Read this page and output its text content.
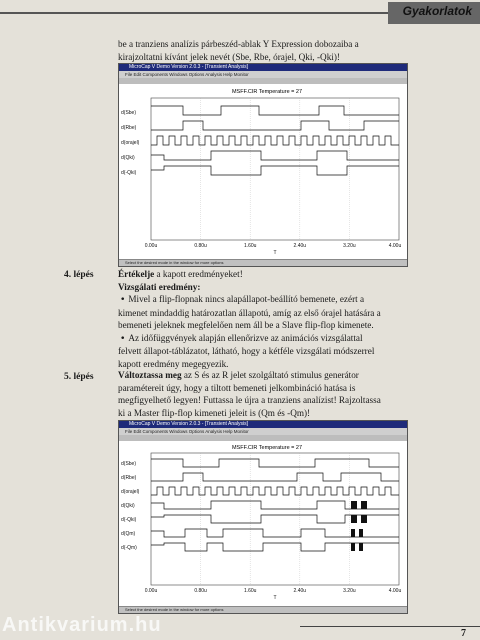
Gyakorlatok
be a tranziens analízis párbeszéd-ablak Y Expression dobozaiba a
kirajzoltatni kívánt jelek nevét (Sbe, Rbe, órajel, Qki, -Qki)!
MicroCap V Demo Version 2.0.3 - [Transient Analysis]
File Edit Components Windows Options Analysis Help Monitor
MSFF.CIR Temperature = 27
d(Sbe)
d(Rbe)
d(orajel)
d(Qki)
d(-Qki)
0.00u	0.80u	1.60u	2.40u	3.20u	4.00u
T
Select the desired mode in the window for more options
4. lépés	Értékelje a kapott eredményeket!
Vizsgálati eredmény:
• Mivel a flip-flopnak nincs alapállapot-beállító bemenete, ezért a
kimenet mindaddig határozatlan állapotú, amíg az első órajel hatására a
bemeneti jeleknek megfelelően nem áll be a Slave flip-flop kimenete.
• Az időfüggvények alapján ellenőrizve az animációs vizsgálattal
felvett állapot-táblázatot, látható, hogy a kétféle vizsgálati módszerrel
kapott eredmény megegyezik.
5. lépés	Változtassa meg az S és az R jelet szolgáltató stimulus generátor
paramétereit úgy, hogy a tiltott bemeneti jelkombináció hatása is
megfigyelhető legyen! Futtassa le újra a tranziens analízist! Rajzoltassa
ki a Master flip-flop kimeneti jeleit is (Qm és -Qm)!
MicroCap V Demo Version 2.0.3 - [Transient Analysis]
File Edit Components Windows Options Analysis Help Monitor
MSFF.CIR Temperature = 27
d(Sbe)
d(Rbe)
d(orajel)
d(Qki)
d(-Qki)
d(Qm)
d(-Qm)
0.00u	0.80u	1.60u	2.40u	3.20u	4.00u
T
Select the desired mode in the window for more options
7
Antikvarium.hu
